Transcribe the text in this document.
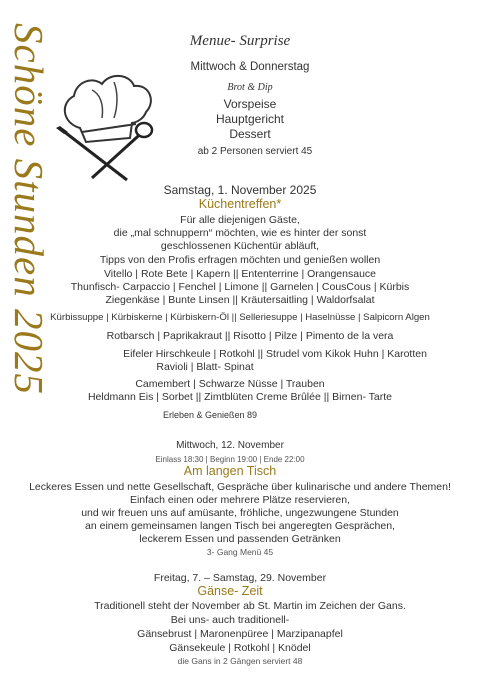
Schöne Stunden 2025	Menue- Surprise
Mittwoch & Donnerstag
Brot & Dip
Vorspeise
Hauptgericht
Dessert
ab 2 Personen serviert 45
Samstag, 1. November 2025
Küchentreffen*
Für alle diejenigen Gäste,
die „mal schnuppern“ möchten, wie es hinter der sonst
geschlossenen Küchentür abläuft,
Tipps von den Profis erfragen möchten und genießen wollen
Vitello | Rote Bete | Kapern || Ententerrine | Orangensauce
Thunfisch- Carpaccio | Fenchel | Limone || Garnelen | CousCous | Kürbis
Ziegenkäse | Bunte Linsen || Kräutersaitling | Waldorfsalat
Kürbissuppe | Kürbiskerne | Kürbiskern-Öl || Selleriesuppe | Haselnüsse | Salpicorn Algen
Rotbarsch | Paprikakraut || Risotto | Pilze | Pimento de la vera
Eifeler Hirschkeule | Rotkohl || Strudel vom Kikok Huhn | Karotten
Ravioli | Blatt- Spinat
Camembert | Schwarze Nüsse | Trauben
Heldmann Eis | Sorbet || Zimtblüten Creme Brûlée || Birnen- Tarte
Erleben & Genießen 89
Mittwoch, 12. November
Einlass 18:30 | Beginn 19:00 | Ende 22:00
Am langen Tisch
Leckeres Essen und nette Gesellschaft, Gespräche über kulinarische und andere Themen!
Einfach einen oder mehrere Plätze reservieren,
und wir freuen uns auf amüsante, fröhliche, ungezwungene Stunden
an einem gemeinsamen langen Tisch bei angeregten Gesprächen,
leckerem Essen und passenden Getränken
3- Gang Menü 45
Freitag, 7. – Samstag, 29. November
Gänse- Zeit
Traditionell steht der November ab St. Martin im Zeichen der Gans.
Bei uns- auch traditionell-
Gänsebrust | Maronenpüree | Marzipanapfel
Gänsekeule | Rotkohl | Knödel
die Gans in 2 Gängen serviert 48
